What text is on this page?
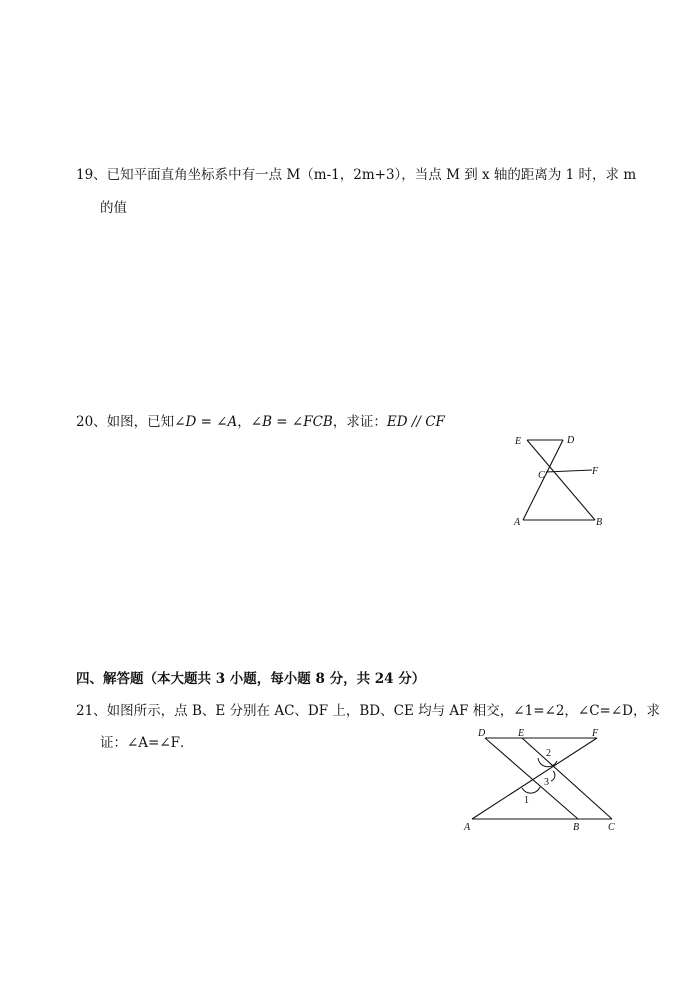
19、已知平面直角坐标系中有一点 M（m-1，2m+3），当点 M 到 x 轴的距离为 1 时，求 m
的值
20、如图，已知∠D = ∠A，∠B = ∠FCB，求证：ED // CF
E	D
C	F
A	B
四、解答题（本大题共 3 小题，每小题 8 分，共 24 分）
21、如图所示，点 B、E 分别在 AC、DF 上，BD、CE 均与 AF 相交，∠1=∠2，∠C=∠D，求
证：∠A=∠F．
D	E	F
A	B	C
1
2
3
